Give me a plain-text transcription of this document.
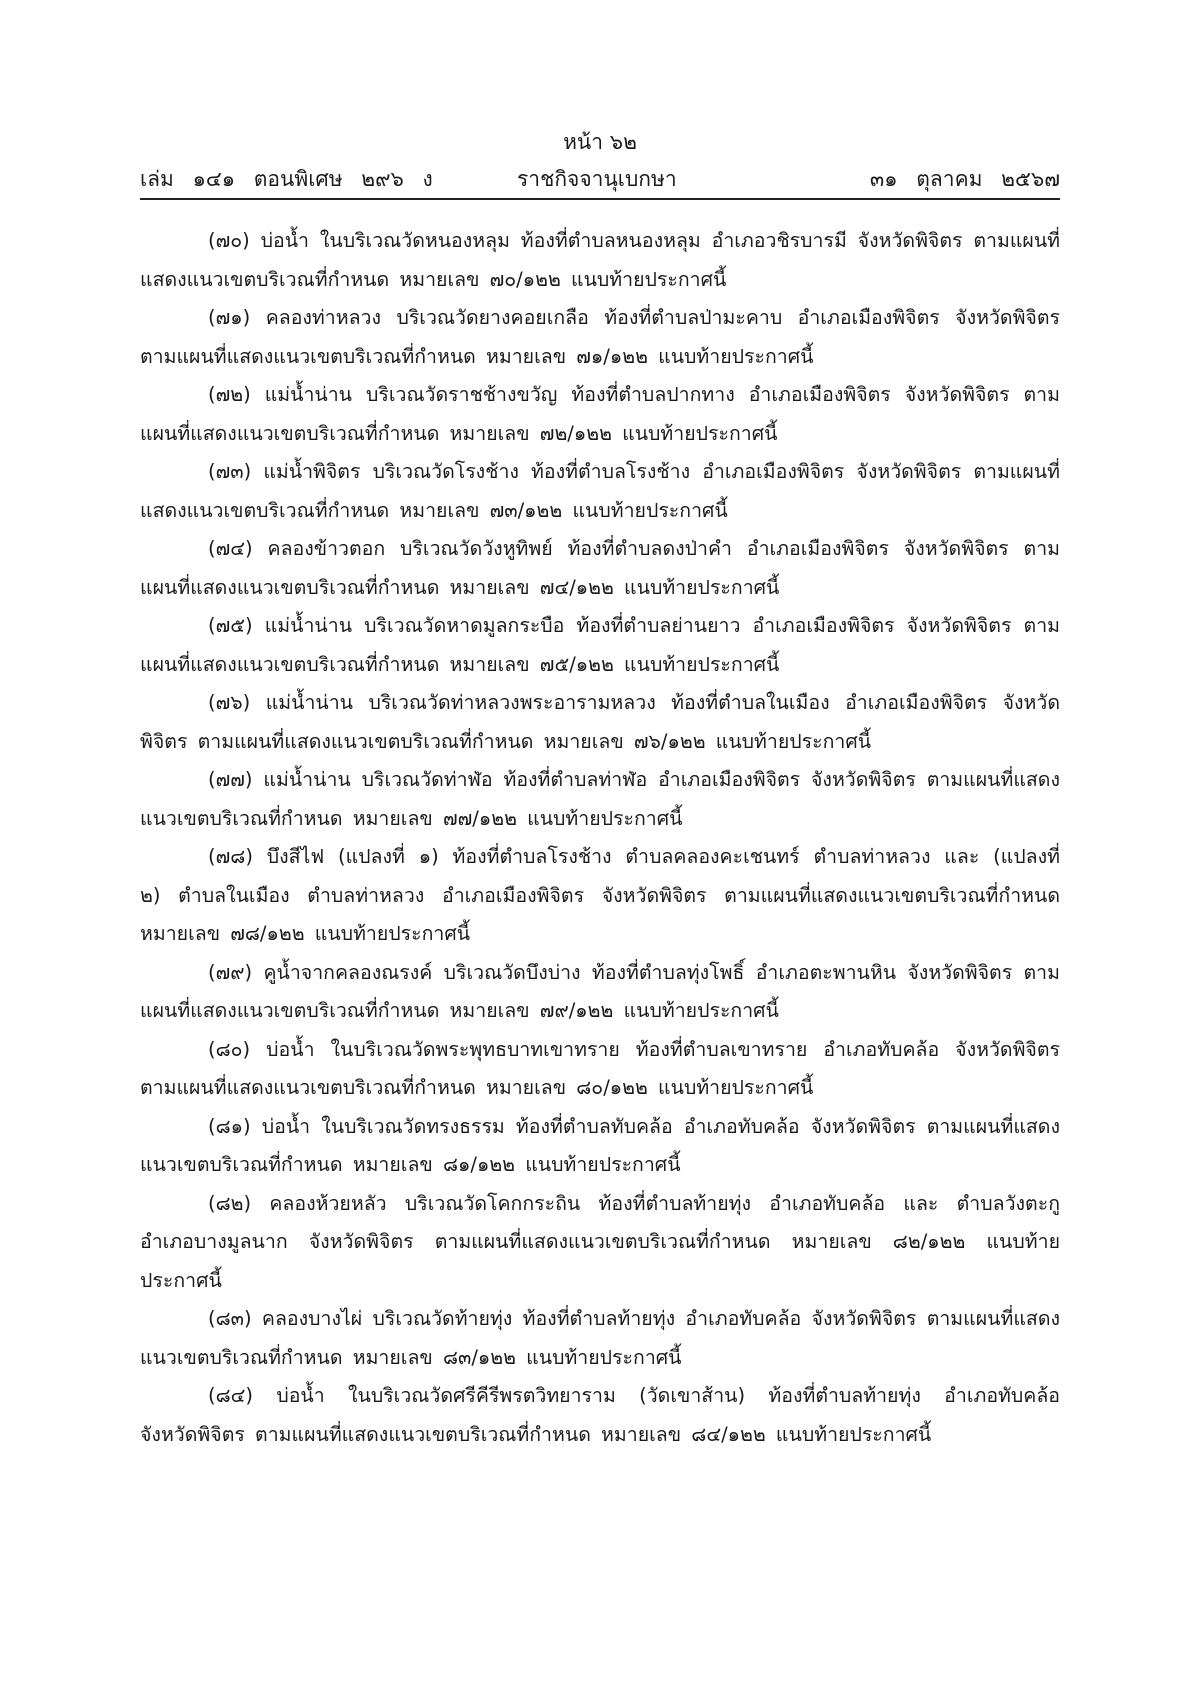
หน้า ๖๒
เล่ม ๑๔๑ ตอนพิเศษ ๒๙๖ ง	ราชกิจจานุเบกษา	๓๑ ตุลาคม ๒๕๖๗

(๗๐) บ่อน้ำ ในบริเวณวัดหนองหลุม ท้องที่ตำบลหนองหลุม อำเภอวชิรบารมี จังหวัดพิจิตร ตามแผนที่แสดงแนวเขตบริเวณที่กำหนด หมายเลข ๗๐/๑๒๒ แนบท้ายประกาศนี้

(๗๑) คลองท่าหลวง บริเวณวัดยางคอยเกลือ ท้องที่ตำบลป่ามะคาบ อำเภอเมืองพิจิตร จังหวัดพิจิตร ตามแผนที่แสดงแนวเขตบริเวณที่กำหนด หมายเลข ๗๑/๑๒๒ แนบท้ายประกาศนี้

(๗๒) แม่น้ำน่าน บริเวณวัดราชช้างขวัญ ท้องที่ตำบลปากทาง อำเภอเมืองพิจิตร จังหวัดพิจิตร ตามแผนที่แสดงแนวเขตบริเวณที่กำหนด หมายเลข ๗๒/๑๒๒ แนบท้ายประกาศนี้

(๗๓) แม่น้ำพิจิตร บริเวณวัดโรงช้าง ท้องที่ตำบลโรงช้าง อำเภอเมืองพิจิตร จังหวัดพิจิตร ตามแผนที่แสดงแนวเขตบริเวณที่กำหนด หมายเลข ๗๓/๑๒๒ แนบท้ายประกาศนี้

(๗๔) คลองข้าวตอก บริเวณวัดวังหูทิพย์ ท้องที่ตำบลดงป่าคำ อำเภอเมืองพิจิตร จังหวัดพิจิตร ตามแผนที่แสดงแนวเขตบริเวณที่กำหนด หมายเลข ๗๔/๑๒๒ แนบท้ายประกาศนี้

(๗๕) แม่น้ำน่าน บริเวณวัดหาดมูลกระบือ ท้องที่ตำบลย่านยาว อำเภอเมืองพิจิตร จังหวัดพิจิตร ตามแผนที่แสดงแนวเขตบริเวณที่กำหนด หมายเลข ๗๕/๑๒๒ แนบท้ายประกาศนี้

(๗๖) แม่น้ำน่าน บริเวณวัดท่าหลวงพระอารามหลวง ท้องที่ตำบลในเมือง อำเภอเมืองพิจิตร จังหวัดพิจิตร ตามแผนที่แสดงแนวเขตบริเวณที่กำหนด หมายเลข ๗๖/๑๒๒ แนบท้ายประกาศนี้

(๗๗) แม่น้ำน่าน บริเวณวัดท่าฬ่อ ท้องที่ตำบลท่าฬ่อ อำเภอเมืองพิจิตร จังหวัดพิจิตร ตามแผนที่แสดงแนวเขตบริเวณที่กำหนด หมายเลข ๗๗/๑๒๒ แนบท้ายประกาศนี้

(๗๘) บึงสีไฟ (แปลงที่ ๑) ท้องที่ตำบลโรงช้าง ตำบลคลองคะเชนทร์ ตำบลท่าหลวง และ (แปลงที่ ๒) ตำบลในเมือง ตำบลท่าหลวง อำเภอเมืองพิจิตร จังหวัดพิจิตร ตามแผนที่แสดงแนวเขตบริเวณที่กำหนด หมายเลข ๗๘/๑๒๒ แนบท้ายประกาศนี้

(๗๙) คูน้ำจากคลองณรงค์ บริเวณวัดบึงบ่าง ท้องที่ตำบลทุ่งโพธิ์ อำเภอตะพานหิน จังหวัดพิจิตร ตามแผนที่แสดงแนวเขตบริเวณที่กำหนด หมายเลข ๗๙/๑๒๒ แนบท้ายประกาศนี้

(๘๐) บ่อน้ำ ในบริเวณวัดพระพุทธบาทเขาทราย ท้องที่ตำบลเขาทราย อำเภอทับคล้อ จังหวัดพิจิตร ตามแผนที่แสดงแนวเขตบริเวณที่กำหนด หมายเลข ๘๐/๑๒๒ แนบท้ายประกาศนี้

(๘๑) บ่อน้ำ ในบริเวณวัดทรงธรรม ท้องที่ตำบลทับคล้อ อำเภอทับคล้อ จังหวัดพิจิตร ตามแผนที่แสดงแนวเขตบริเวณที่กำหนด หมายเลข ๘๑/๑๒๒ แนบท้ายประกาศนี้

(๘๒) คลองห้วยหลัว บริเวณวัดโคกกระถิน ท้องที่ตำบลท้ายทุ่ง อำเภอทับคล้อ และ ตำบลวังตะกู อำเภอบางมูลนาก จังหวัดพิจิตร ตามแผนที่แสดงแนวเขตบริเวณที่กำหนด หมายเลข ๘๒/๑๒๒ แนบท้ายประกาศนี้

(๘๓) คลองบางไผ่ บริเวณวัดท้ายทุ่ง ท้องที่ตำบลท้ายทุ่ง อำเภอทับคล้อ จังหวัดพิจิตร ตามแผนที่แสดงแนวเขตบริเวณที่กำหนด หมายเลข ๘๓/๑๒๒ แนบท้ายประกาศนี้

(๘๔) บ่อน้ำ ในบริเวณวัดศรีคีรีพรตวิทยาราม (วัดเขาส้าน) ท้องที่ตำบลท้ายทุ่ง อำเภอทับคล้อ จังหวัดพิจิตร ตามแผนที่แสดงแนวเขตบริเวณที่กำหนด หมายเลข ๘๔/๑๒๒ แนบท้ายประกาศนี้
